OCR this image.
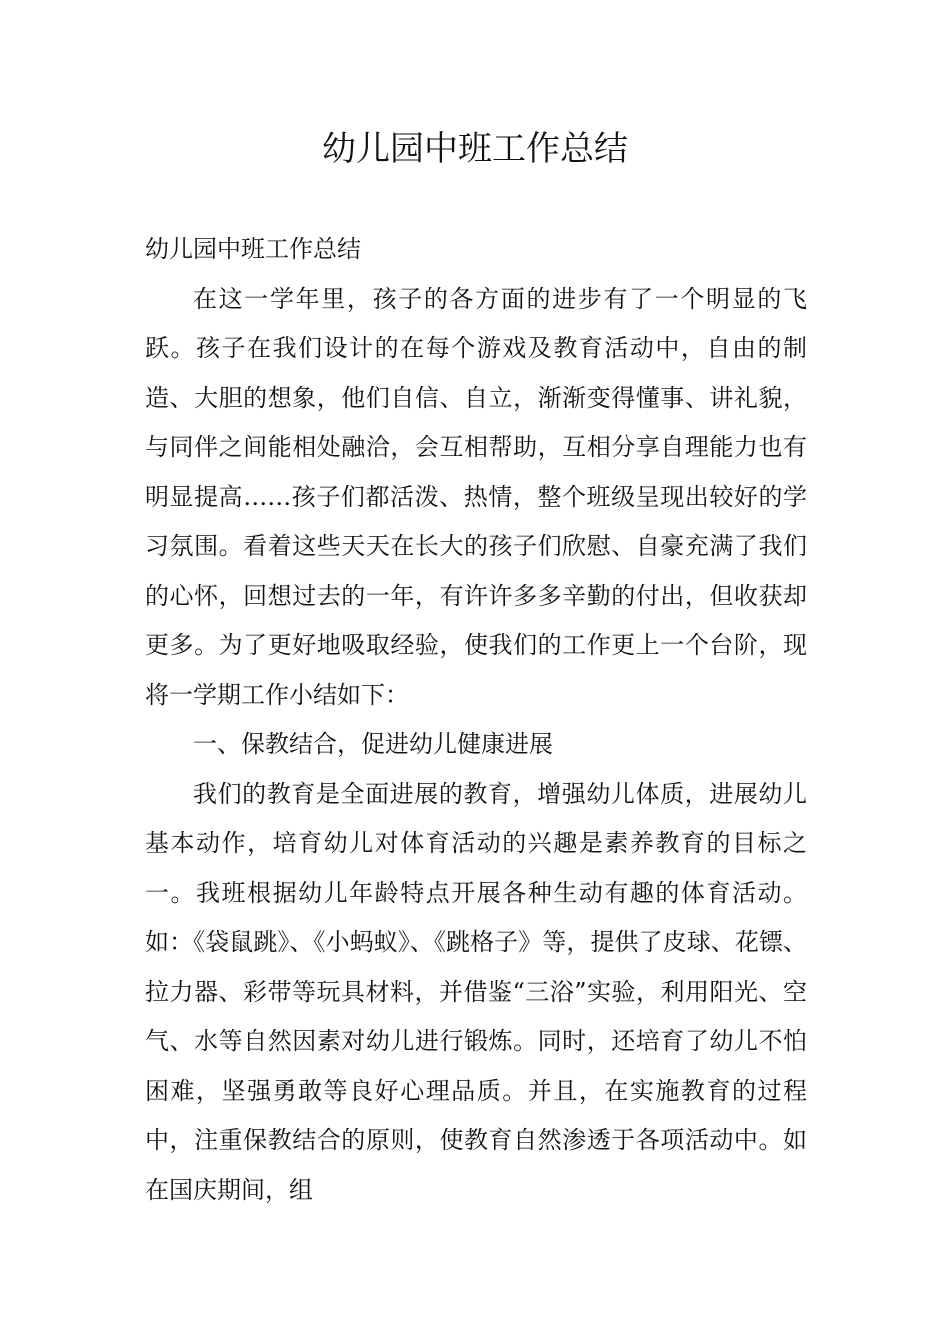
幼儿园中班工作总结

幼儿园中班工作总结

在这一学年里，孩子的各方面的进步有了一个明显的飞跃。孩子在我们设计的在每个游戏及教育活动中，自由的制造、大胆的想象，他们自信、自立，渐渐变得懂事、讲礼貌，与同伴之间能相处融洽，会互相帮助，互相分享自理能力也有明显提高……孩子们都活泼、热情，整个班级呈现出较好的学习氛围。看着这些天天在长大的孩子们欣慰、自豪充满了我们的心怀，回想过去的一年，有许许多多辛勤的付出，但收获却更多。为了更好地吸取经验，使我们的工作更上一个台阶，现将一学期工作小结如下：

一、保教结合，促进幼儿健康进展

我们的教育是全面进展的教育，增强幼儿体质，进展幼儿基本动作，培育幼儿对体育活动的兴趣是素养教育的目标之一。我班根据幼儿年龄特点开展各种生动有趣的体育活动。如：《袋鼠跳》、《小蚂蚁》、《跳格子》等，提供了皮球、花镖、拉力器、彩带等玩具材料，并借鉴“三浴”实验，利用阳光、空气、水等自然因素对幼儿进行锻炼。同时，还培育了幼儿不怕困难，坚强勇敢等良好心理品质。并且，在实施教育的过程中，注重保教结合的原则，使教育自然渗透于各项活动中。如在国庆期间，组
